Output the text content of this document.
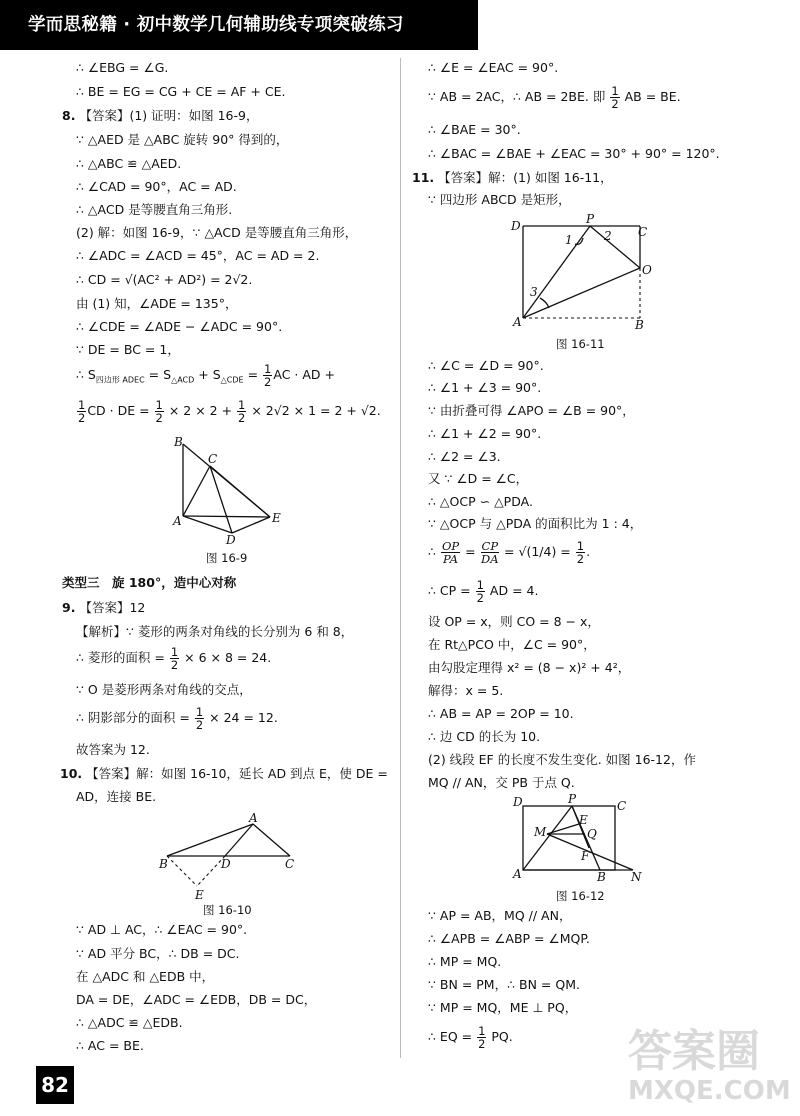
学而思秘籍 · 初中数学几何辅助线专项突破练习
∴ ∠EBG = ∠G.
∴ BE = EG = CG + CE = AF + CE.
8. 【答案】(1) 证明：如图 16-9，
∵ △AED 是 △ABC 旋转 90° 得到的，
∴ △ABC ≌ △AED.
∴ ∠CAD = 90°，AC = AD.
∴ △ACD 是等腰直角三角形.
(2) 解：如图 16-9，∵ △ACD 是等腰直角三角形，
∴ ∠ADC = ∠ACD = 45°，AC = AD = 2.
∴ CD = √(AC² + AD²) = 2√2.
由 (1) 知，∠ADE = 135°，
∴ ∠CDE = ∠ADE − ∠ADC = 90°.
∵ DE = BC = 1，
∴ $S_{四边形 ADEC} = S_{\triangle ACD} + S_{\triangle CDE} = \frac{1}{2}$ AC · AD +
$\frac{1}{2}$ CD · DE = $\frac{1}{2} \times 2 \times 2 + \frac{1}{2} \times 2√2 \times 1 = 2 + √2$.
B
C
A
D
E
图 16-9
类型三　旋 180°，造中心对称
9. 【答案】12
【解析】∵ 菱形的两条对角线的长分别为 6 和 8，
∴ 菱形的面积 = $\frac{1}{2} \times 6 \times 8 = 24$.
∵ O 是菱形两条对角线的交点，
∴ 阴影部分的面积 = $\frac{1}{2} \times 24 = 12$.
故答案为 12.
10. 【答案】解：如图 16-10，延长 AD 到点 E，使 DE =
AD，连接 BE.
A
B	D	C
E
图 16-10
∵ AD ⊥ AC，∴ ∠EAC = 90°.
∵ AD 平分 BC，∴ DB = DC.
在 △ADC 和 △EDB 中，
DA = DE，∠ADC = ∠EDB，DB = DC，
∴ △ADC ≌ △EDB.
∴ AC = BE.
∴ ∠E = ∠EAC = 90°.
∵ AB = 2AC，∴ AB = 2BE. 即 $\frac{1}{2}$ AB = BE.
∴ ∠BAE = 30°.
∴ ∠BAC = ∠BAE + ∠EAC = 30° + 90° = 120°.
11. 【答案】解：(1) 如图 16-11，
∵ 四边形 ABCD 是矩形，
D	P
C
O
A	B
1	2
3
图 16-11
∴ ∠C = ∠D = 90°.
∴ ∠1 + ∠3 = 90°.
∵ 由折叠可得 ∠APO = ∠B = 90°，
∴ ∠1 + ∠2 = 90°.
∴ ∠2 = ∠3.
又 ∵ ∠D = ∠C，
∴ △OCP ∽ △PDA.
∵ △OCP 与 △PDA 的面积比为 1 : 4，
∴ $\frac{OP}{PA} = \frac{CP}{DA} = √(1/4) = \frac{1}{2}$ .
∴ CP = $\frac{1}{2}$ AD = 4.
设 OP = x，则 CO = 8 − x，
在 Rt△PCO 中，∠C = 90°，
由勾股定理得 x² = (8 − x)² + 4²，
解得：x = 5.
∴ AB = AP = 2OP = 10.
∴ 边 CD 的长为 10.
(2) 线段 EF 的长度不发生变化. 如图 16-12，作
MQ // AN，交 PB 于点 Q.
D	P	C
M
E
Q
F
A	B N
图 16-12
∵ AP = AB，MQ // AN，
∴ ∠APB = ∠ABP = ∠MQP.
∴ MP = MQ.
∵ BN = PM，∴ BN = QM.
∵ MP = MQ，ME ⊥ PQ，
∴ EQ = $\frac{1}{2}$ PQ.
82
答案圈
MXQE.COM
